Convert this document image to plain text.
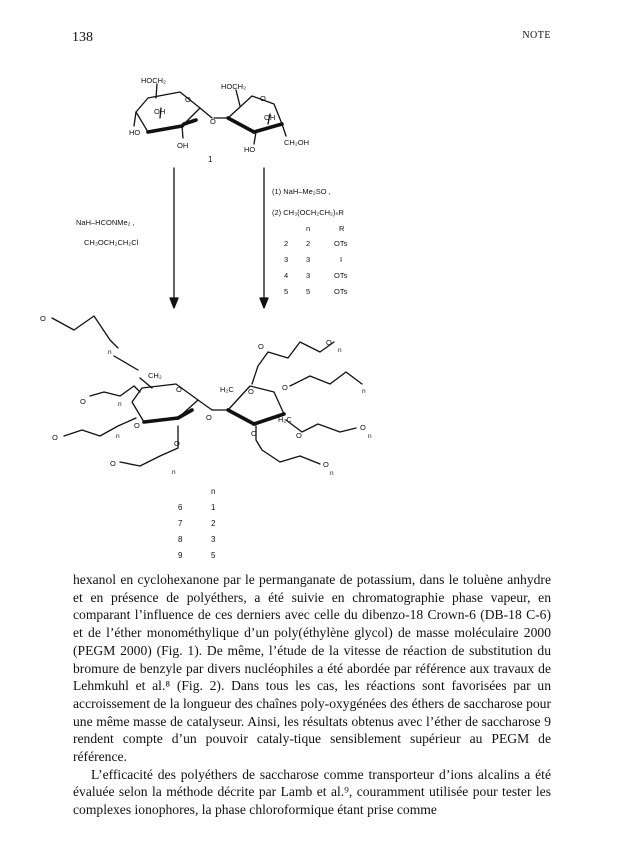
138	NOTE
HOCH₂
HOCH₂
O	O
OH
OH
HO
OH	HO
CH₂OH
O
1
NaH–HCONMe₂ ,
CH₃OCH₂CH₂Cl
(1) NaH–Me₂SO ,
(2) CH₃(OCH₂CH₂)ₙR
n	R
2 2	OTs
3 3	I
4 3	OTs
5 5	OTs
O
n
CH₂
O
n
H₂C
O
O	O	n
O	n
O
O	H₂C
O
n
O
O
O
n
O
n
O
O
n
O
n
6	1
7	2
8	3
9	5

hexanol en cyclohexanone par le permanganate de potassium, dans le toluène anhydre et en présence de polyéthers, a été suivie en chromatographie phase vapeur, en comparant l’influence de ces derniers avec celle du dibenzo-18 Crown-6 (DB-18 C-6) et de l’éther monométhylique d’un poly(éthylène glycol) de masse moléculaire 2000 (PEGM 2000) (Fig. 1). De même, l’étude de la vitesse de réaction de substitution du bromure de benzyle par divers nucléophiles a été abordée par référence aux travaux de Lehmkuhl et al.⁸ (Fig. 2). Dans tous les cas, les réactions sont favorisées par un accroissement de la longueur des chaînes poly-oxygénées des éthers de saccharose pour une même masse de catalyseur. Ainsi, les résultats obtenus avec l’éther de saccharose 9 rendent compte d’un pouvoir cataly-tique sensiblement supérieur au PEGM de référence.

L’efficacité des polyéthers de saccharose comme transporteur d’ions alcalins a été évaluée selon la méthode décrite par Lamb et al.⁹, couramment utilisée pour tester les complexes ionophores, la phase chloroformique étant prise comme
